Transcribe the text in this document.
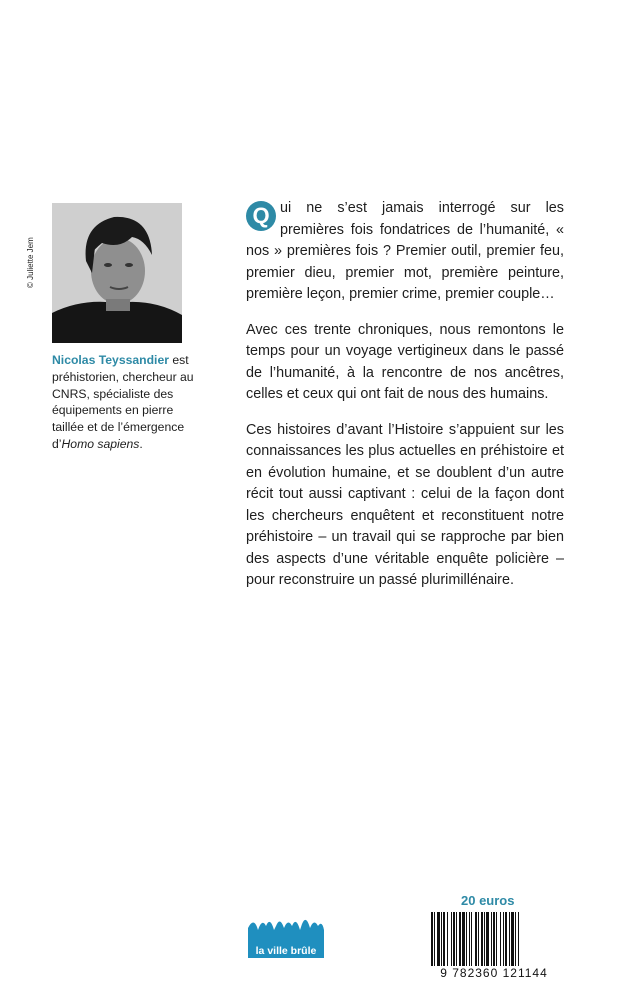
© Juliette Jem
Nicolas Teyssandier est préhistorien, chercheur au CNRS, spécialiste des équipements en pierre taillée et de l’émergence d’Homo sapiens.

Q ui ne s’est jamais interrogé sur les premières fois fondatrices de l’humanité, « nos » premières fois ? Premier outil, premier feu, premier dieu, premier mot, première peinture, première leçon, premier crime, premier couple…

Avec ces trente chroniques, nous remontons le temps pour un voyage vertigineux dans le passé de l’humanité, à la rencontre de nos ancêtres, celles et ceux qui ont fait de nous des humains.

Ces histoires d’avant l’Histoire s’appuient sur les connaissances les plus actuelles en préhistoire et en évolution humaine, et se doublent d’un autre récit tout aussi captivant : celui de la façon dont les chercheurs enquêtent et reconstituent notre préhistoire – un travail qui se rapproche par bien des aspects d’une véritable enquête policière – pour reconstruire un passé plurimillénaire.

20 euros
9 782360 121144
la ville brûle
